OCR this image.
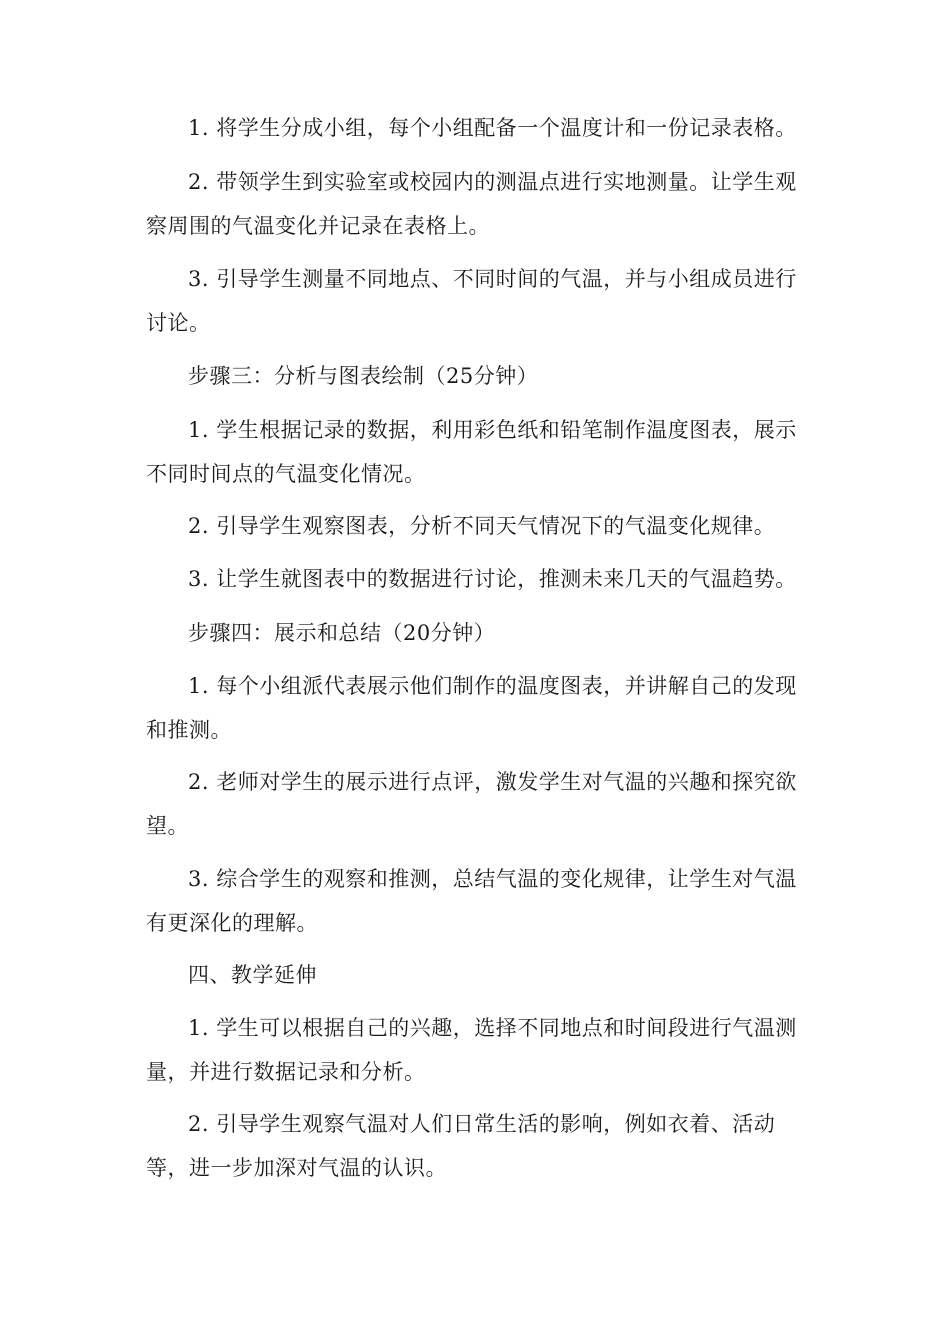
1. 将学生分成小组，每个小组配备一个温度计和一份记录表格。

2. 带领学生到实验室或校园内的测温点进行实地测量。让学生观察周围的气温变化并记录在表格上。

3. 引导学生测量不同地点、不同时间的气温，并与小组成员进行讨论。

步骤三：分析与图表绘制（25分钟）

1. 学生根据记录的数据，利用彩色纸和铅笔制作温度图表，展示不同时间点的气温变化情况。

2. 引导学生观察图表，分析不同天气情况下的气温变化规律。

3. 让学生就图表中的数据进行讨论，推测未来几天的气温趋势。

步骤四：展示和总结（20分钟）

1. 每个小组派代表展示他们制作的温度图表，并讲解自己的发现和推测。

2. 老师对学生的展示进行点评，激发学生对气温的兴趣和探究欲望。

3. 综合学生的观察和推测，总结气温的变化规律，让学生对气温有更深化的理解。

四、教学延伸

1. 学生可以根据自己的兴趣，选择不同地点和时间段进行气温测量，并进行数据记录和分析。

2. 引导学生观察气温对人们日常生活的影响，例如衣着、活动等，进一步加深对气温的认识。
